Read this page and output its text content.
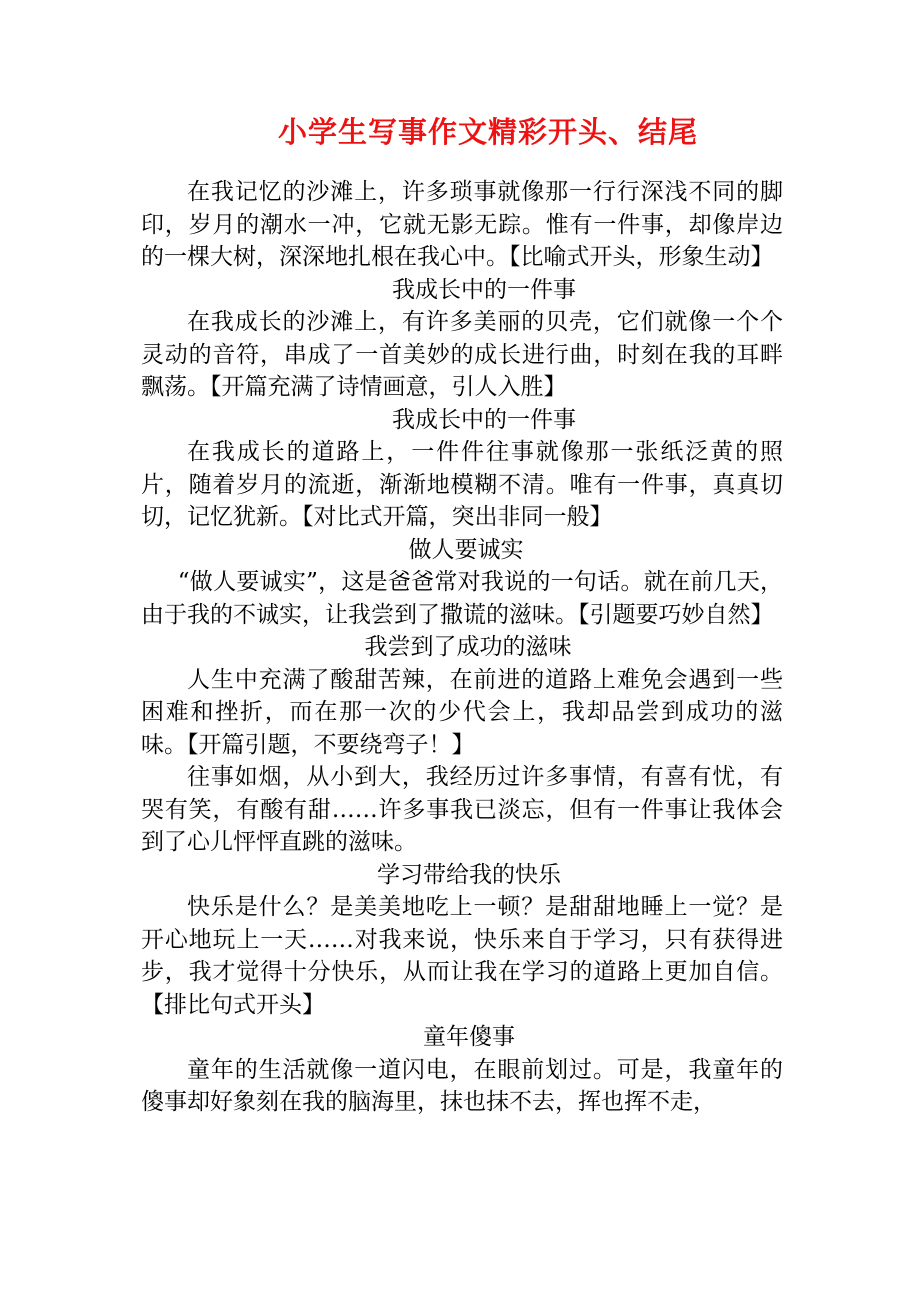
小学生写事作文精彩开头、结尾

在我记忆的沙滩上，许多琐事就像那一行行深浅不同的脚印，岁月的潮水一冲，它就无影无踪。惟有一件事，却像岸边的一棵大树，深深地扎根在我心中。【比喻式开头，形象生动】

我成长中的一件事

在我成长的沙滩上，有许多美丽的贝壳，它们就像一个个灵动的音符，串成了一首美妙的成长进行曲，时刻在我的耳畔飘荡。【开篇充满了诗情画意，引人入胜】

我成长中的一件事

在我成长的道路上，一件件往事就像那一张纸泛黄的照片，随着岁月的流逝，渐渐地模糊不清。唯有一件事，真真切切，记忆犹新。【对比式开篇，突出非同一般】

做人要诚实

“做人要诚实”，这是爸爸常对我说的一句话。就在前几天，由于我的不诚实，让我尝到了撒谎的滋味。【引题要巧妙自然】

我尝到了成功的滋味

人生中充满了酸甜苦辣，在前进的道路上难免会遇到一些困难和挫折，而在那一次的少代会上，我却品尝到成功的滋味。【开篇引题，不要绕弯子！】

往事如烟，从小到大，我经历过许多事情，有喜有忧，有哭有笑，有酸有甜……许多事我已淡忘，但有一件事让我体会到了心儿怦怦直跳的滋味。

学习带给我的快乐

快乐是什么？是美美地吃上一顿？是甜甜地睡上一觉？是开心地玩上一天……对我来说，快乐来自于学习，只有获得进步，我才觉得十分快乐，从而让我在学习的道路上更加自信。【排比句式开头】

童年傻事

童年的生活就像一道闪电，在眼前划过。可是，我童年的傻事却好象刻在我的脑海里，抹也抹不去，挥也挥不走，
